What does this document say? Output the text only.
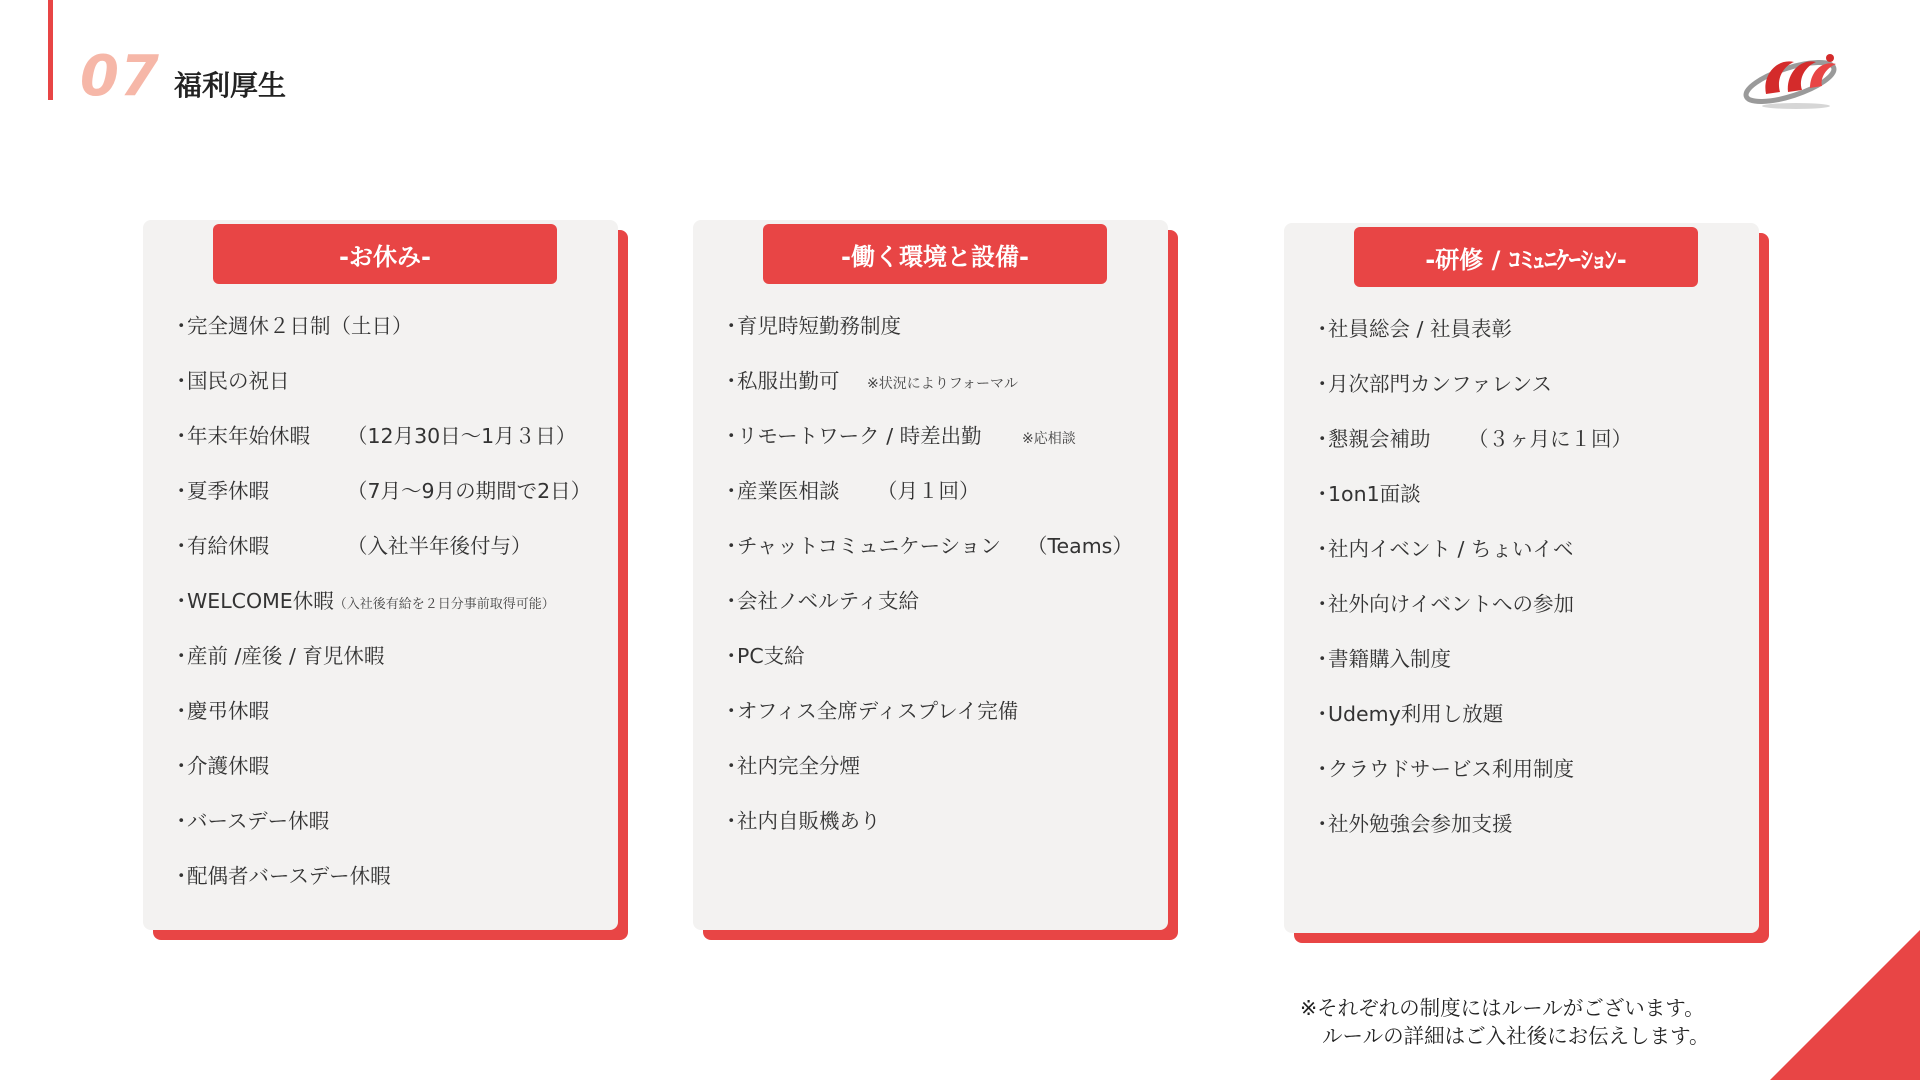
07 福利厚生
-お休み-
・完全週休２日制（土日）
・国民の祝日
・年末年始休暇 （12月30日～1月３日）
・夏季休暇	（7月～9月の期間で2日）
・有給休暇	（入社半年後付与）
・WELCOME休暇（入社後有給を２日分事前取得可能）
・産前 /産後 / 育児休暇
・慶弔休暇
・介護休暇
・バースデー休暇
・配偶者バースデー休暇
-働く環境と設備-
・育児時短勤務制度
・私服出勤可 ※状況によりフォーマル
・リモートワーク / 時差出勤	※応相談
・産業医相談 （月１回）
・チャットコミュニケーション （Teams）
・会社ノベルティ支給
・PC支給
・オフィス全席ディスプレイ完備
・社内完全分煙
・社内自販機あり
-研修 / ｺﾐｭﾆｹｰｼｮﾝ-
・社員総会 / 社員表彰
・月次部門カンファレンス
・懇親会補助 （３ヶ月に１回）
・1on1面談
・社内イベント / ちょいイベ
・社外向けイベントへの参加
・書籍購入制度
・Udemy利用し放題
・クラウドサービス利用制度
・社外勉強会参加支援
※それぞれの制度にはルールがございます。
ルールの詳細はご入社後にお伝えします。
